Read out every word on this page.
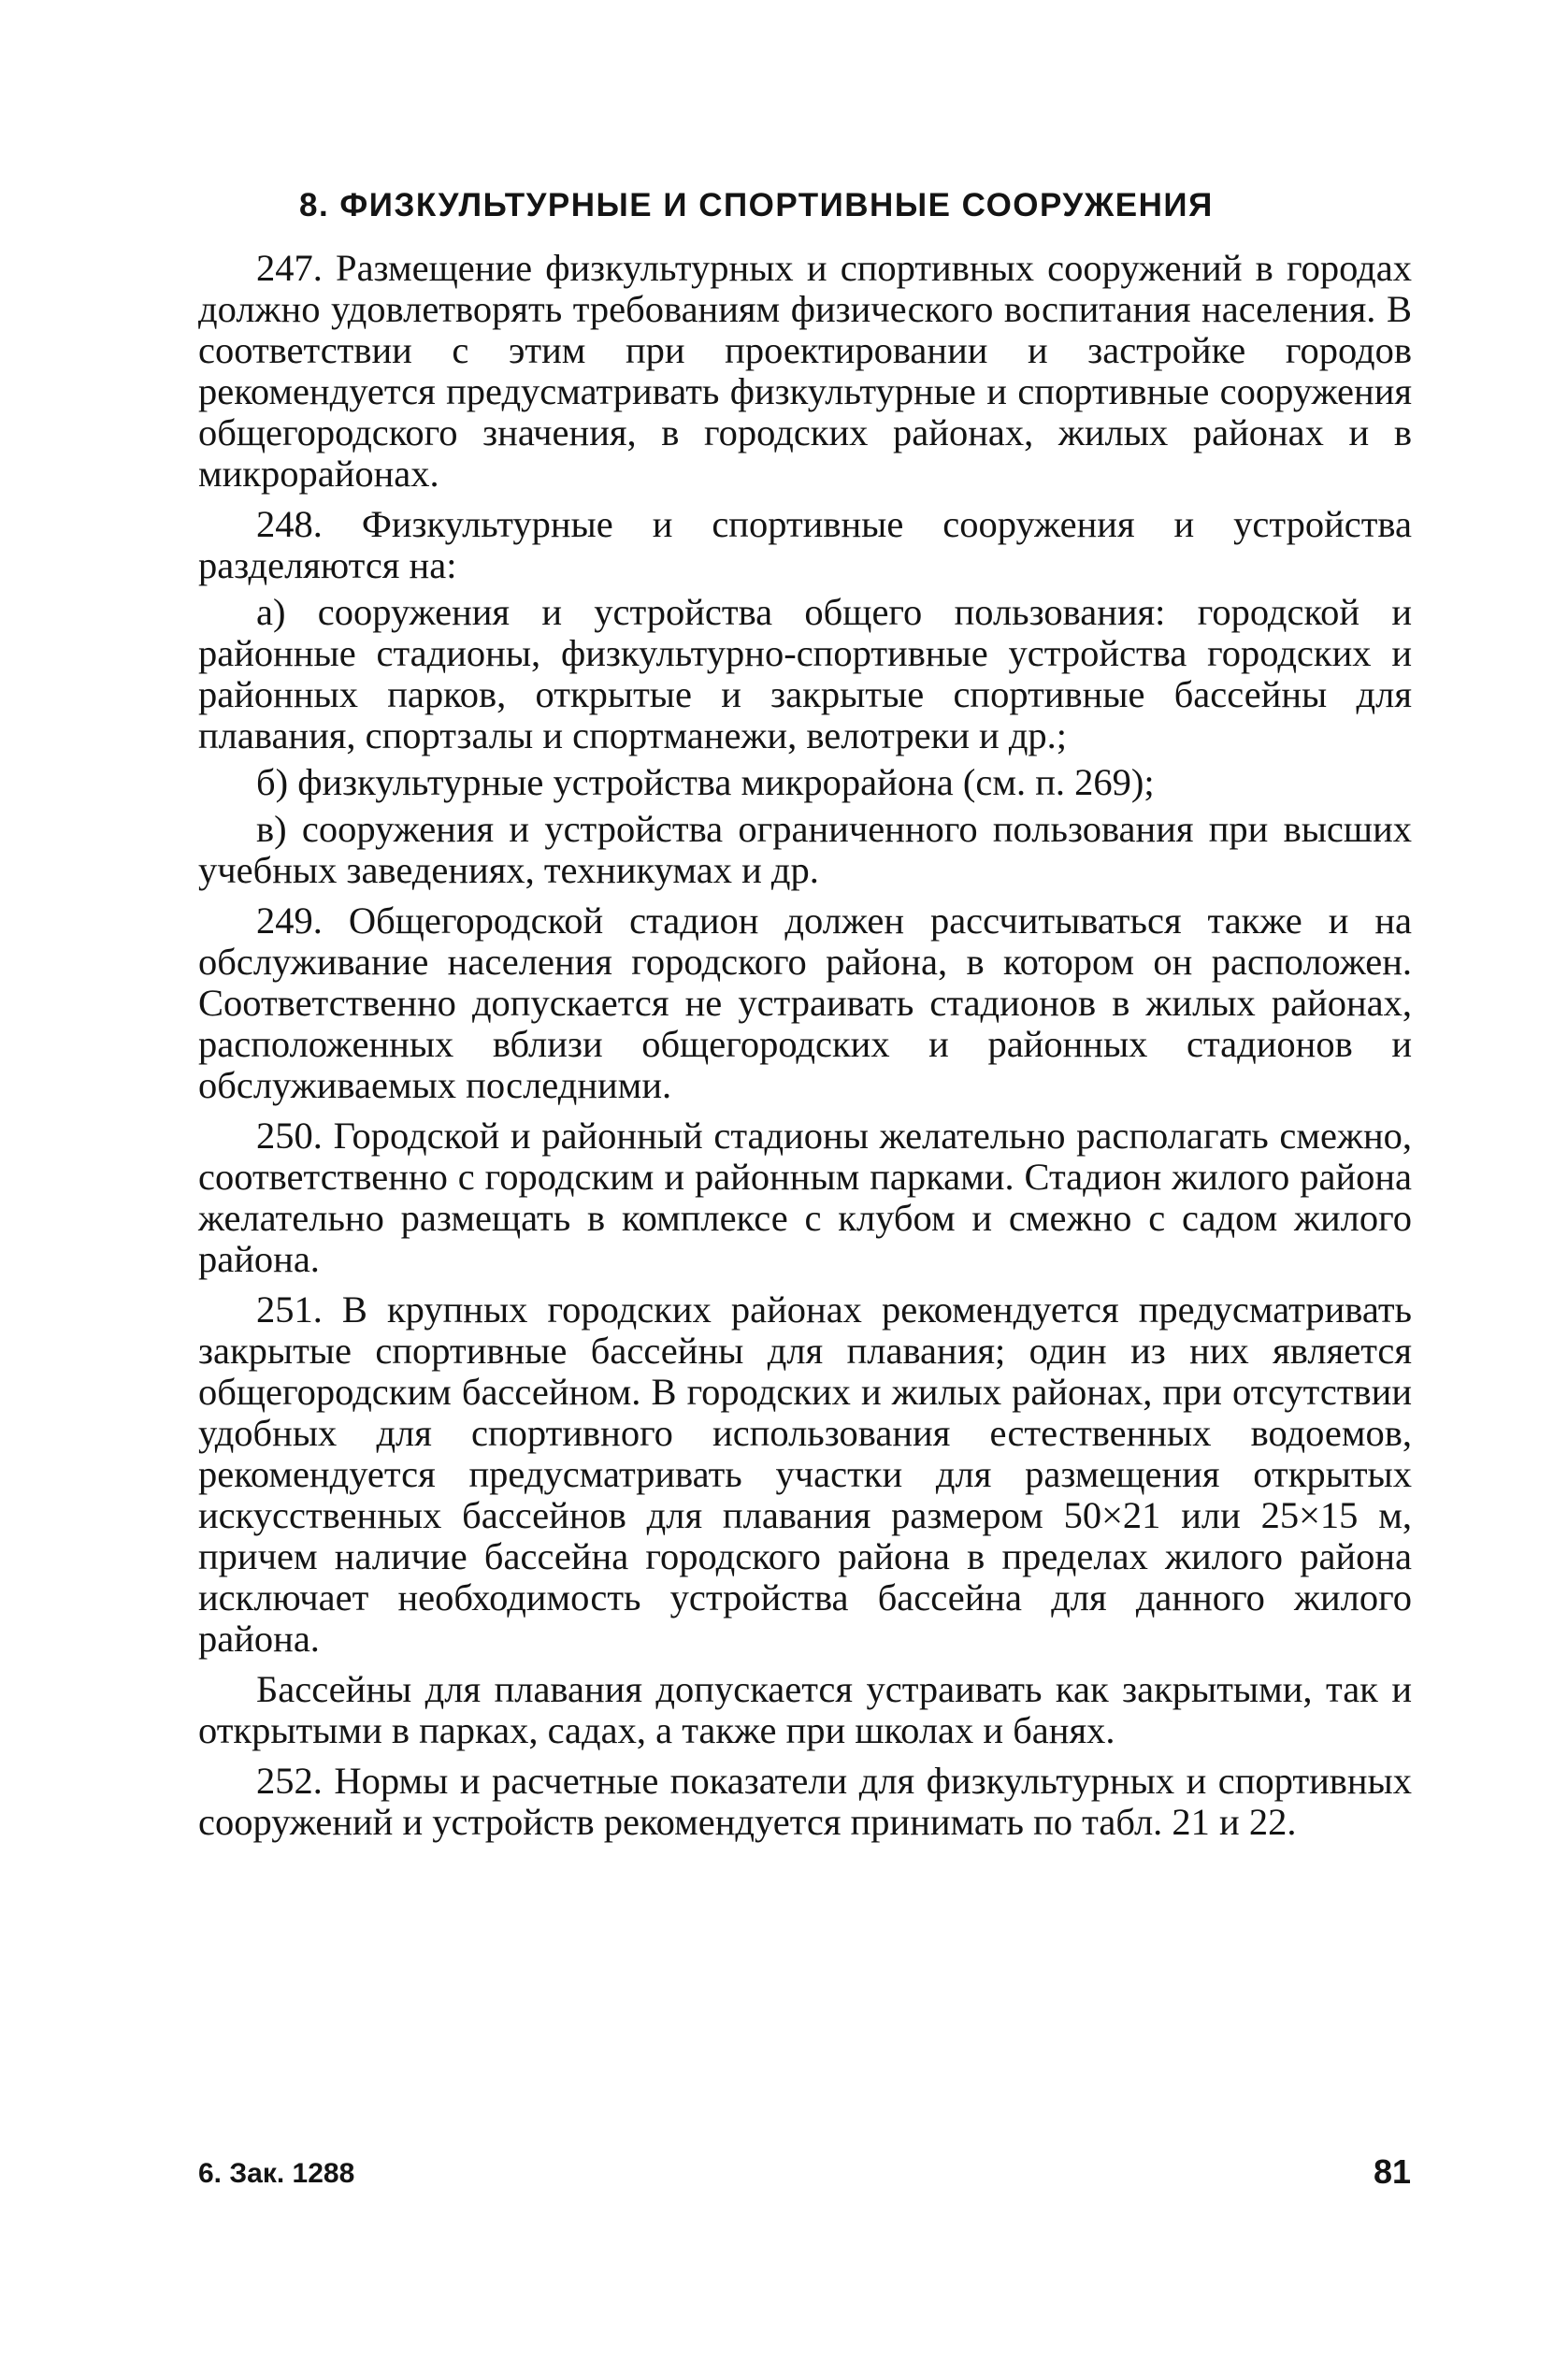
8. ФИЗКУЛЬТУРНЫЕ И СПОРТИВНЫЕ СООРУЖЕНИЯ

247. Размещение физкультурных и спортивных сооружений в городах должно удовлетворять требованиям физического воспитания населения. В соответствии с этим при проектировании и застройке городов рекомендуется предусматривать физкультурные и спортивные сооружения общегородского значения, в городских районах, жилых районах и в микрорайонах.

248. Физкультурные и спортивные сооружения и устройства разделяются на:

а) сооружения и устройства общего пользования: городской и районные стадионы, физкультурно-спортивные устройства городских и районных парков, открытые и закрытые спортивные бассейны для плавания, спортзалы и спортманежи, велотреки и др.;

б) физкультурные устройства микрорайона (см. п. 269);

в) сооружения и устройства ограниченного пользования при высших учебных заведениях, техникумах и др.

249. Общегородской стадион должен рассчитываться также и на обслуживание населения городского района, в котором он расположен. Соответственно допускается не устраивать стадионов в жилых районах, расположенных вблизи общегородских и районных стадионов и обслуживаемых последними.

250. Городской и районный стадионы желательно располагать смежно, соответственно с городским и районным парками. Стадион жилого района желательно размещать в комплексе с клубом и смежно с садом жилого района.

251. В крупных городских районах рекомендуется предусматривать закрытые спортивные бассейны для плавания; один из них является общегородским бассейном. В городских и жилых районах, при отсутствии удобных для спортивного использования естественных водоемов, рекомендуется предусматривать участки для размещения открытых искусственных бассейнов для плавания размером 50×21 или 25×15 м, причем наличие бассейна городского района в пределах жилого района исключает необходимость устройства бассейна для данного жилого района.

Бассейны для плавания допускается устраивать как закрытыми, так и открытыми в парках, садах, а также при школах и банях.

252. Нормы и расчетные показатели для физкультурных и спортивных сооружений и устройств рекомендуется принимать по табл. 21 и 22.

6. Зак. 1288	81
